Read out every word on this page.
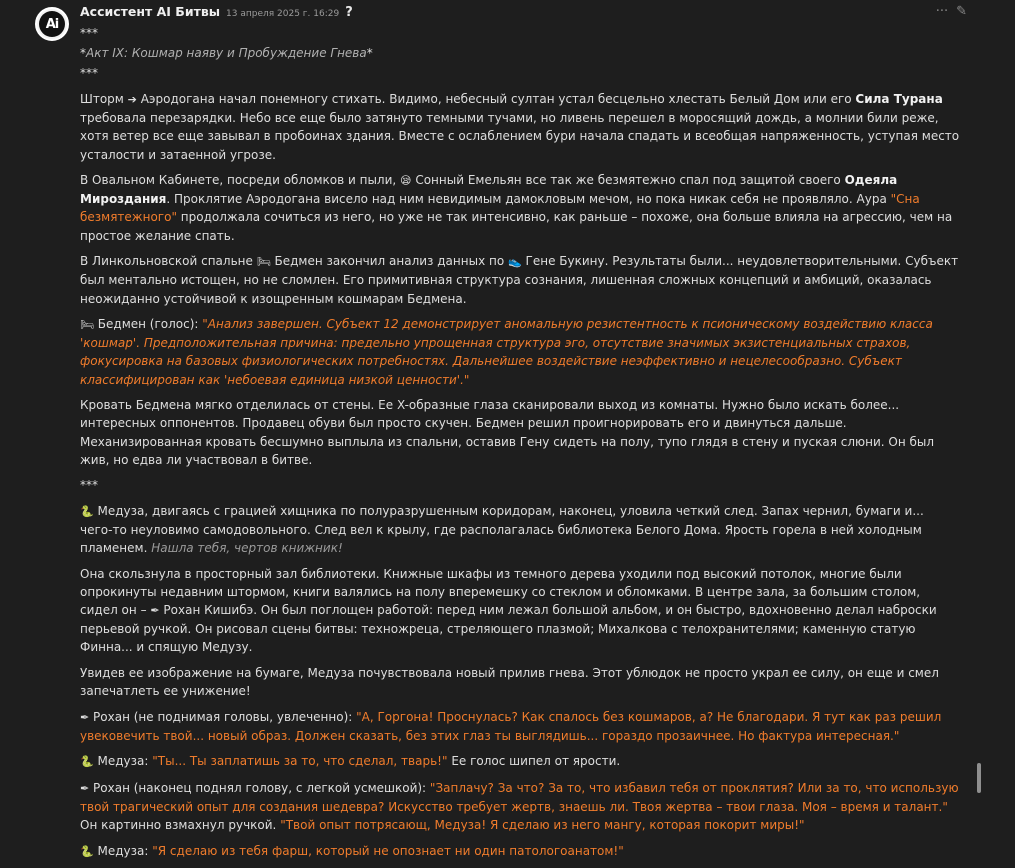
Ai
Ассистент AI Битвы 13 апреля 2025 г. 16:29 ?	··· ✎

***

*Акт IX: Кошмар наяву и Пробуждение Гнева*

***

Шторм ➔ Аэродогана начал понемногу стихать. Видимо, небесный султан устал бесцельно хлестать Белый Дом или его Сила Турана требовала перезарядки. Небо все еще было затянуто темными тучами, но ливень перешел в моросящий дождь, а молнии били реже, хотя ветер все еще завывал в пробоинах здания. Вместе с ослаблением бури начала спадать и всеобщая напряженность, уступая место усталости и затаенной угрозе.

В Овальном Кабинете, посреди обломков и пыли, 😪 Сонный Емельян все так же безмятежно спал под защитой своего Одеяла Мироздания. Проклятие Аэродогана висело над ним невидимым дамокловым мечом, но пока никак себя не проявляло. Аура "Сна безмятежного" продолжала сочиться из него, но уже не так интенсивно, как раньше – похоже, она больше влияла на агрессию, чем на простое желание спать.

В Линкольновской спальне 🛏 Бедмен закончил анализ данных по 👟 Гене Букину. Результаты были... неудовлетворительными. Субъект был ментально истощен, но не сломлен. Его примитивная структура сознания, лишенная сложных концепций и амбиций, оказалась неожиданно устойчивой к изощренным кошмарам Бедмена.

🛏 Бедмен (голос): "Анализ завершен. Субъект 12 демонстрирует аномальную резистентность к псионическому воздействию класса 'кошмар'. Предположительная причина: предельно упрощенная структура эго, отсутствие значимых экзистенциальных страхов, фокусировка на базовых физиологических потребностях. Дальнейшее воздействие неэффективно и нецелесообразно. Субъект классифицирован как 'небоевая единица низкой ценности'."

Кровать Бедмена мягко отделилась от стены. Ее X-образные глаза сканировали выход из комнаты. Нужно было искать более... интересных оппонентов. Продавец обуви был просто скучен. Бедмен решил проигнорировать его и двинуться дальше. Механизированная кровать бесшумно выплыла из спальни, оставив Гену сидеть на полу, тупо глядя в стену и пуская слюни. Он был жив, но едва ли участвовал в битве.

***

🐍 Медуза, двигаясь с грацией хищника по полуразрушенным коридорам, наконец, уловила четкий след. Запах чернил, бумаги и... чего-то неуловимо самодовольного. След вел к крылу, где располагалась библиотека Белого Дома. Ярость горела в ней холодным пламенем. Нашла тебя, чертов книжник!

Она скользнула в просторный зал библиотеки. Книжные шкафы из темного дерева уходили под высокий потолок, многие были опрокинуты недавним штормом, книги валялись на полу вперемешку со стеклом и обломками. В центре зала, за большим столом, сидел он – ✒ Рохан Кишибэ. Он был поглощен работой: перед ним лежал большой альбом, и он быстро, вдохновенно делал наброски перьевой ручкой. Он рисовал сцены битвы: техножреца, стреляющего плазмой; Михалкова с телохранителями; каменную статую Финна... и спящую Медузу.

Увидев ее изображение на бумаге, Медуза почувствовала новый прилив гнева. Этот ублюдок не просто украл ее силу, он еще и смел запечатлеть ее унижение!

✒ Рохан (не поднимая головы, увлеченно): "А, Горгона! Проснулась? Как спалось без кошмаров, а? Не благодари. Я тут как раз решил увековечить твой... новый образ. Должен сказать, без этих глаз ты выглядишь... гораздо прозаичнее. Но фактура интересная."

🐍 Медуза: "Ты... Ты заплатишь за то, что сделал, тварь!" Ее голос шипел от ярости.

✒ Рохан (наконец поднял голову, с легкой усмешкой): "Заплачу? За что? За то, что избавил тебя от проклятия? Или за то, что использую твой трагический опыт для создания шедевра? Искусство требует жертв, знаешь ли. Твоя жертва – твои глаза. Моя – время и талант." Он картинно взмахнул ручкой. "Твой опыт потрясающ, Медуза! Я сделаю из него мангу, которая покорит миры!"

🐍 Медуза: "Я сделаю из тебя фарш, который не опознает ни один патологоанатом!"
